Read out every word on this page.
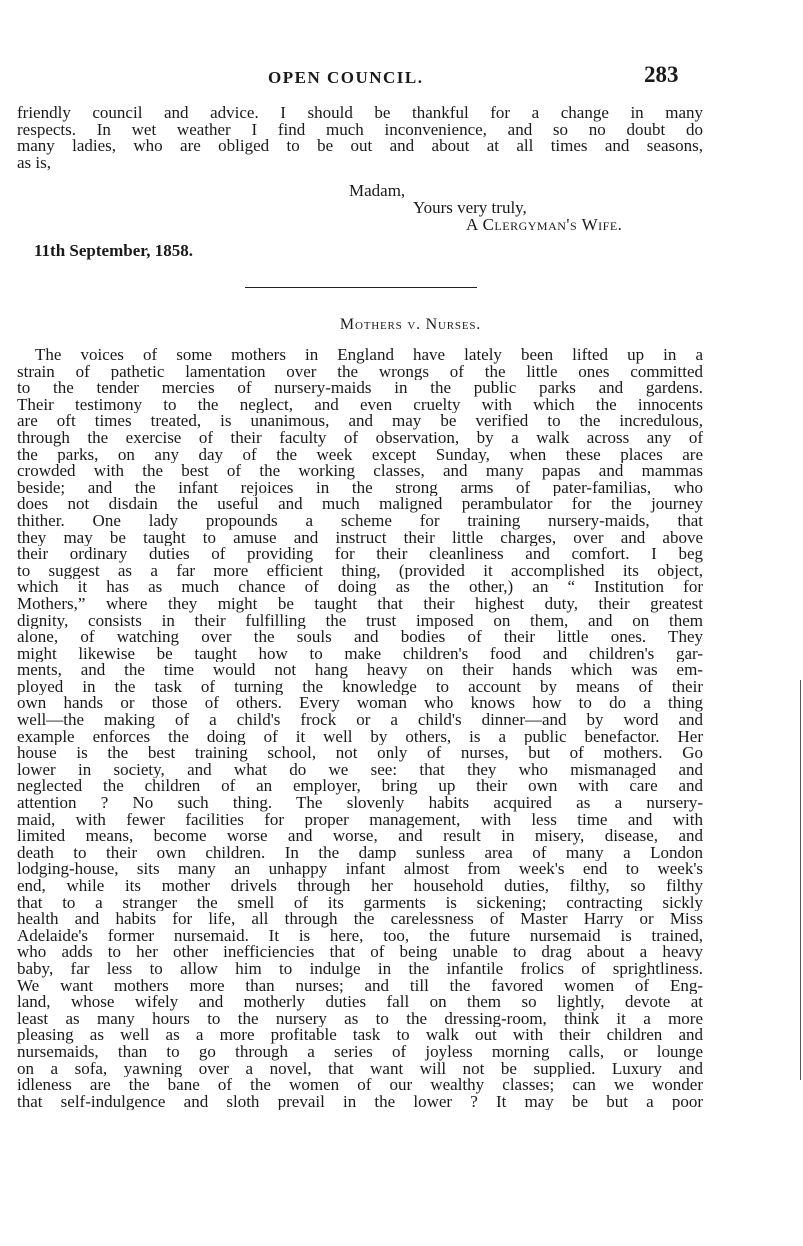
OPEN COUNCIL.	283
friendly council and advice. I should be thankful for a change in many
respects. In wet weather I find much inconvenience, and so no doubt do
many ladies, who are obliged to be out and about at all times and seasons,
as is,
Madam,
Yours very truly,
A Clergyman's Wife.
11th September, 1858.
Mothers v. Nurses.
The voices of some mothers in England have lately been lifted up in a
strain of pathetic lamentation over the wrongs of the little ones committed
to the tender mercies of nursery-maids in the public parks and gardens.
Their testimony to the neglect, and even cruelty with which the innocents
are oft times treated, is unanimous, and may be verified to the incredulous,
through the exercise of their faculty of observation, by a walk across any of
the parks, on any day of the week except Sunday, when these places are
crowded with the best of the working classes, and many papas and mammas
beside; and the infant rejoices in the strong arms of pater-familias, who
does not disdain the useful and much maligned perambulator for the journey
thither. One lady propounds a scheme for training nursery-maids, that
they may be taught to amuse and instruct their little charges, over and above
their ordinary duties of providing for their cleanliness and comfort. I beg
to suggest as a far more efficient thing, (provided it accomplished its object,
which it has as much chance of doing as the other,) an “ Institution for
Mothers,” where they might be taught that their highest duty, their greatest
dignity, consists in their fulfilling the trust imposed on them, and on them
alone, of watching over the souls and bodies of their little ones. They
might likewise be taught how to make children's food and children's gar-
ments, and the time would not hang heavy on their hands which was em-
ployed in the task of turning the knowledge to account by means of their
own hands or those of others. Every woman who knows how to do a thing
well—the making of a child's frock or a child's dinner—and by word and
example enforces the doing of it well by others, is a public benefactor. Her
house is the best training school, not only of nurses, but of mothers. Go
lower in society, and what do we see: that they who mismanaged and
neglected the children of an employer, bring up their own with care and
attention ? No such thing. The slovenly habits acquired as a nursery-
maid, with fewer facilities for proper management, with less time and with
limited means, become worse and worse, and result in misery, disease, and
death to their own children. In the damp sunless area of many a London
lodging-house, sits many an unhappy infant almost from week's end to week's
end, while its mother drivels through her household duties, filthy, so filthy
that to a stranger the smell of its garments is sickening; contracting sickly
health and habits for life, all through the carelessness of Master Harry or Miss
Adelaide's former nursemaid. It is here, too, the future nursemaid is trained,
who adds to her other inefficiencies that of being unable to drag about a heavy
baby, far less to allow him to indulge in the infantile frolics of sprightliness.
We want mothers more than nurses; and till the favored women of Eng-
land, whose wifely and motherly duties fall on them so lightly, devote at
least as many hours to the nursery as to the dressing-room, think it a more
pleasing as well as a more profitable task to walk out with their children and
nursemaids, than to go through a series of joyless morning calls, or lounge
on a sofa, yawning over a novel, that want will not be supplied. Luxury and
idleness are the bane of the women of our wealthy classes; can we wonder
that self-indulgence and sloth prevail in the lower ? It may be but a poor
